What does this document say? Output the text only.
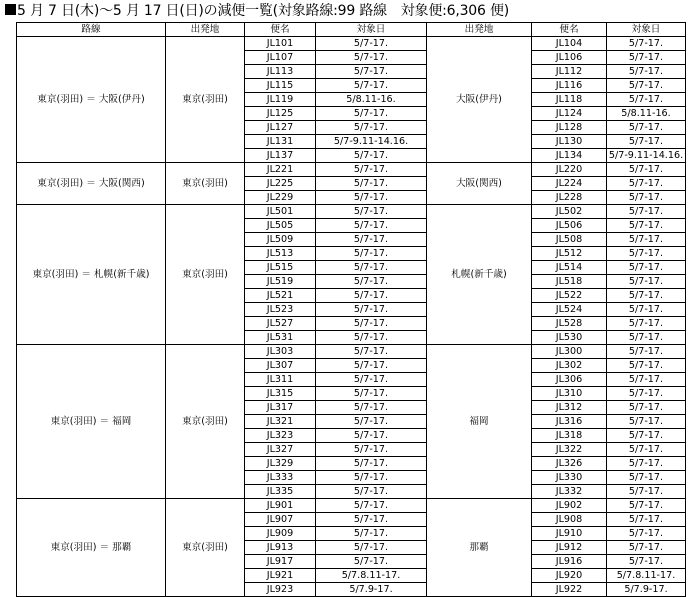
5 月 7 日(木)〜5 月 17 日(日)の減便一覧(対象路線:99 路線　対象便:6,306 便)
路線	出発地	便名	対象日	出発地	便名	対象日
東京(羽田) ＝ 大阪(伊丹)	東京(羽田)	JL101	5/7-17.	大阪(伊丹)	JL104	5/7-17.
		JL107	5/7-17.		JL106	5/7-17.
		JL113	5/7-17.		JL112	5/7-17.
		JL115	5/7-17.		JL116	5/7-17.
		JL119	5/8.11-16.		JL118	5/7-17.
		JL125	5/7-17.		JL124	5/8.11-16.
		JL127	5/7-17.		JL128	5/7-17.
		JL131	5/7-9.11-14.16.		JL130	5/7-17.
		JL137	5/7-17.		JL134	5/7-9.11-14.16.
東京(羽田) ＝ 大阪(関西)	東京(羽田)	JL221	5/7-17.	大阪(関西)	JL220	5/7-17.
		JL225	5/7-17.		JL224	5/7-17.
		JL229	5/7-17.		JL228	5/7-17.
東京(羽田) ＝ 札幌(新千歳)	東京(羽田)	JL501	5/7-17.	札幌(新千歳)	JL502	5/7-17.
		JL505	5/7-17.		JL506	5/7-17.
		JL509	5/7-17.		JL508	5/7-17.
		JL513	5/7-17.		JL512	5/7-17.
		JL515	5/7-17.		JL514	5/7-17.
		JL519	5/7-17.		JL518	5/7-17.
		JL521	5/7-17.		JL522	5/7-17.
		JL523	5/7-17.		JL524	5/7-17.
		JL527	5/7-17.		JL528	5/7-17.
		JL531	5/7-17.		JL530	5/7-17.
東京(羽田) ＝ 福岡	東京(羽田)	JL303	5/7-17.	福岡	JL300	5/7-17.
		JL307	5/7-17.		JL302	5/7-17.
		JL311	5/7-17.		JL306	5/7-17.
		JL315	5/7-17.		JL310	5/7-17.
		JL317	5/7-17.		JL312	5/7-17.
		JL321	5/7-17.		JL316	5/7-17.
		JL323	5/7-17.		JL318	5/7-17.
		JL327	5/7-17.		JL322	5/7-17.
		JL329	5/7-17.		JL326	5/7-17.
		JL333	5/7-17.		JL330	5/7-17.
		JL335	5/7-17.		JL332	5/7-17.
東京(羽田) ＝ 那覇	東京(羽田)	JL901	5/7-17.	那覇	JL902	5/7-17.
		JL907	5/7-17.		JL908	5/7-17.
		JL909	5/7-17.		JL910	5/7-17.
		JL913	5/7-17.		JL912	5/7-17.
		JL917	5/7-17.		JL916	5/7-17.
		JL921	5/7.8.11-17.		JL920	5/7.8.11-17.
		JL923	5/7.9-17.		JL922	5/7.9-17.
